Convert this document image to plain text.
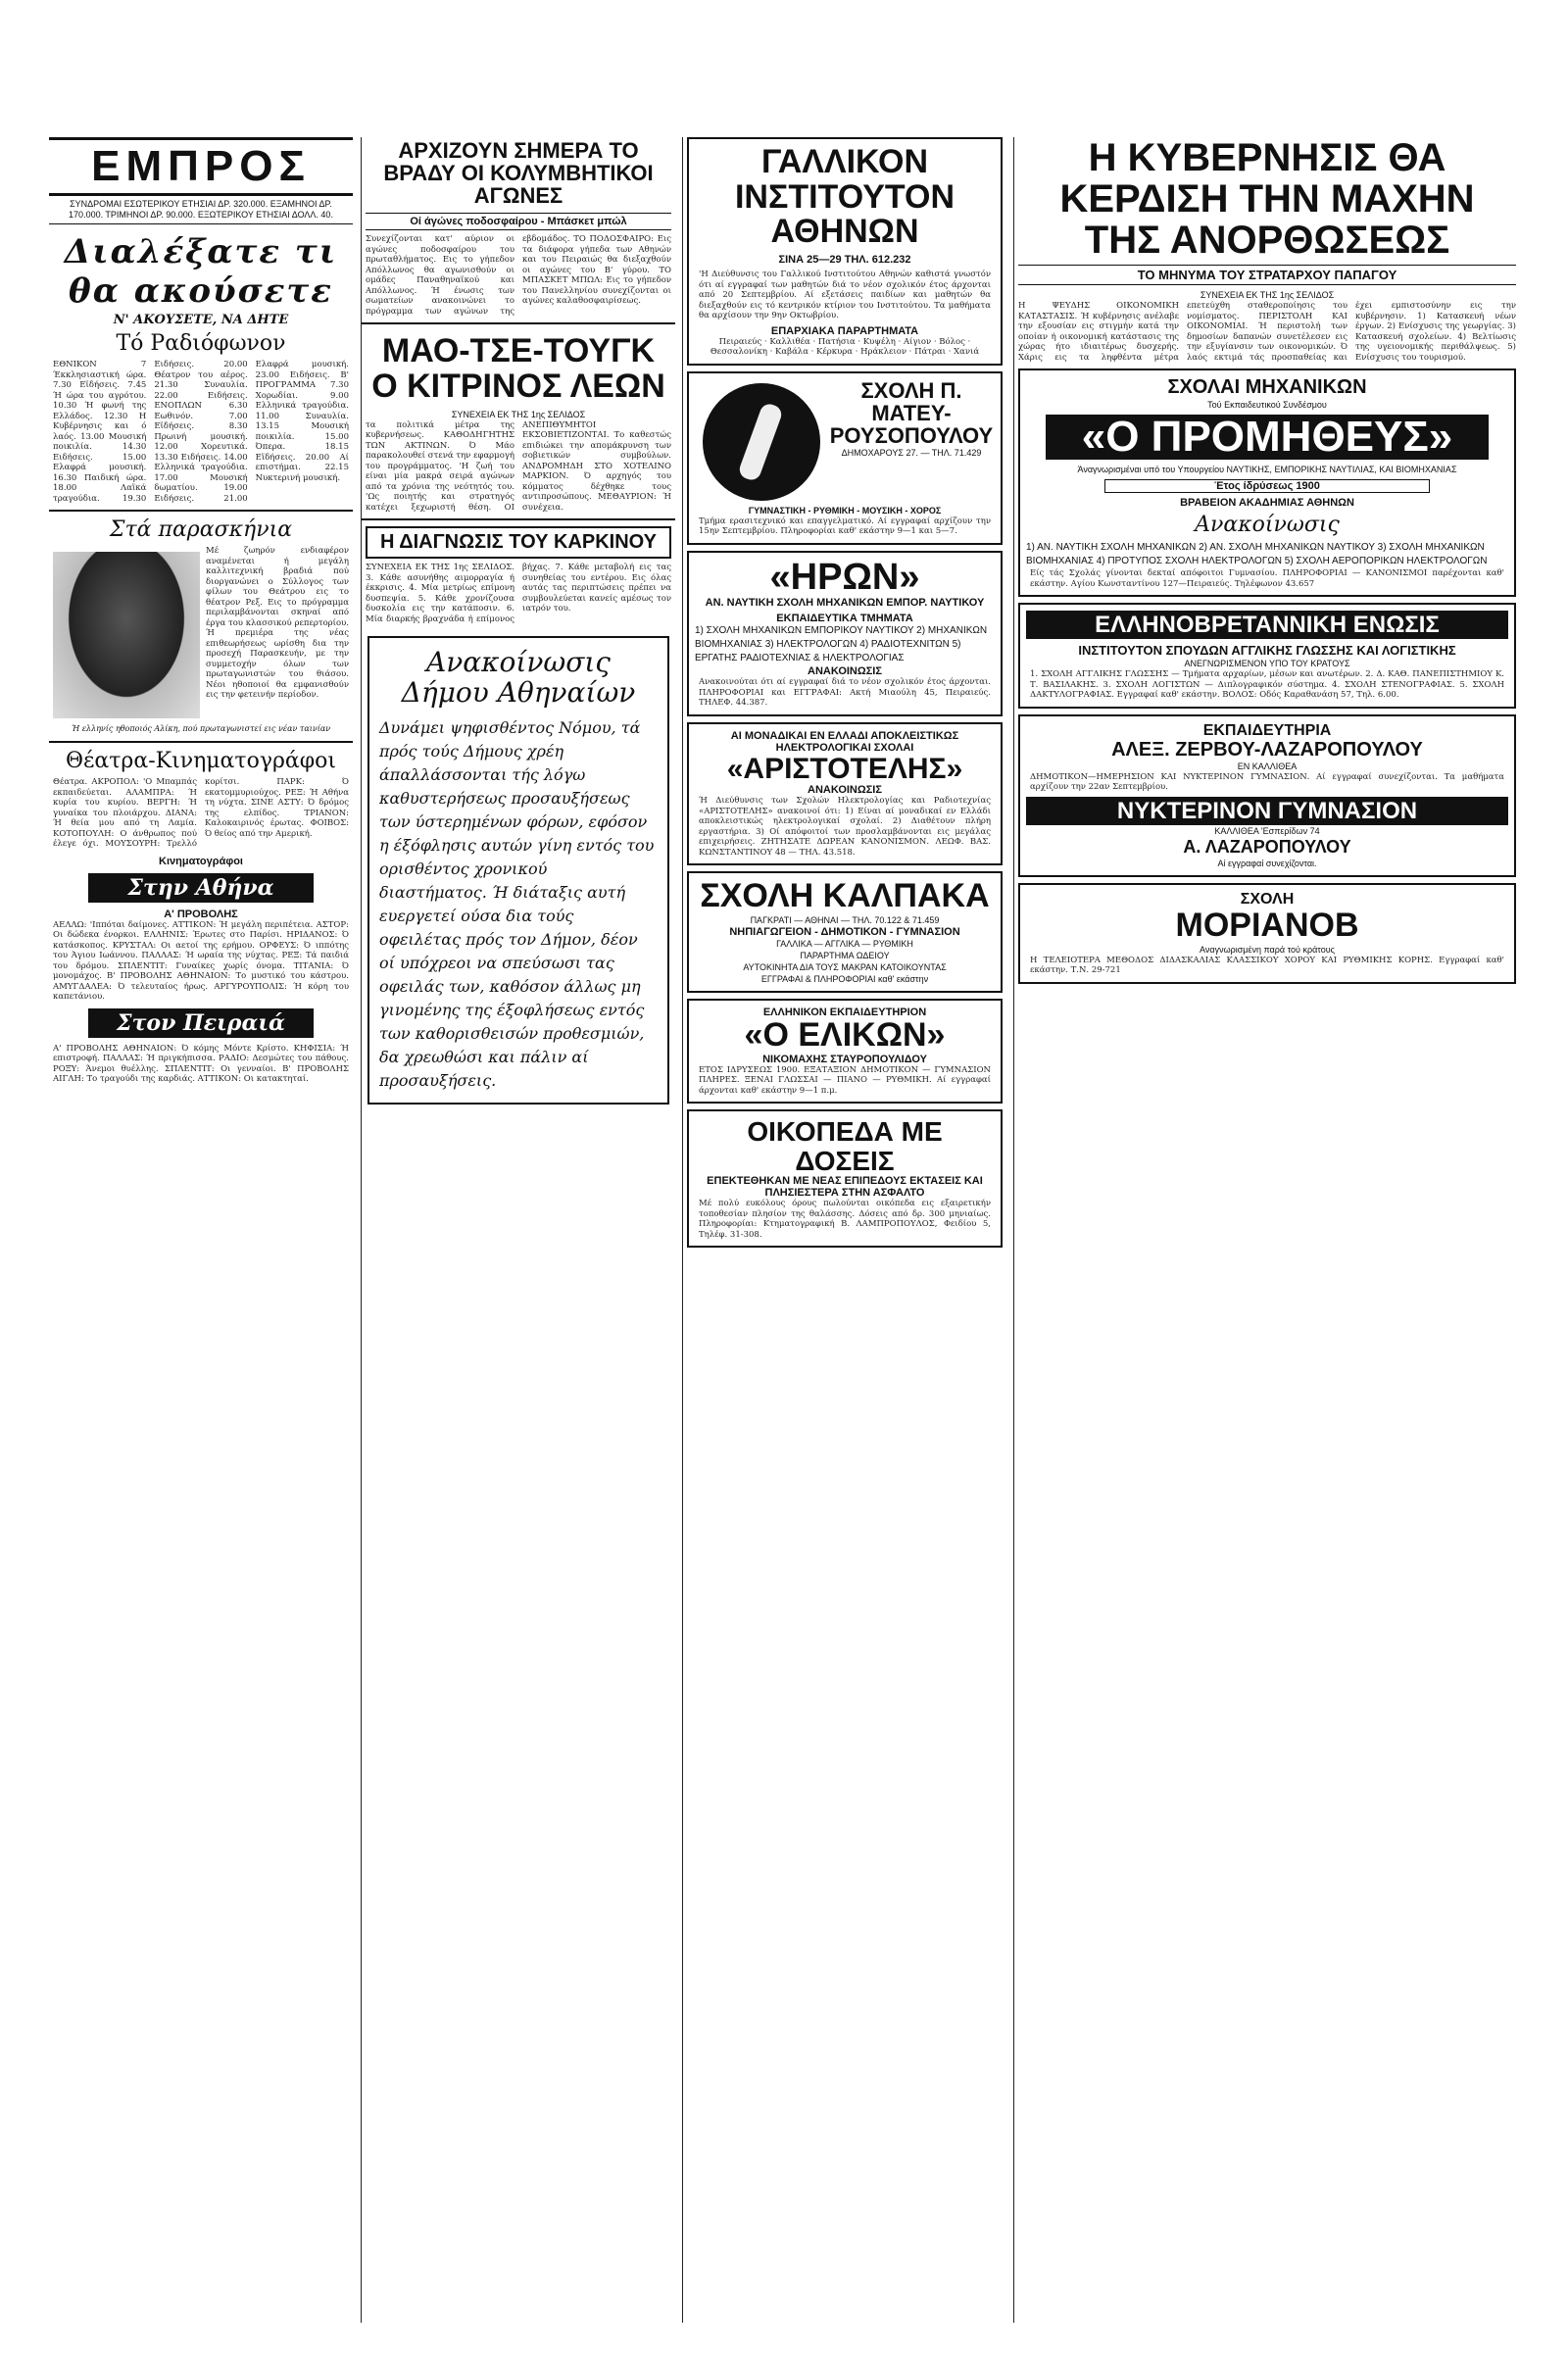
ΕΜΠΡΟΣ
ΣΥΝΔΡΟΜΑΙ ΕΣΩΤΕΡΙΚΟΥ ΕΤΗΣΙΑΙ ΔΡ. 320.000. ΕΞΑΜΗΝΟΙ ΔΡ. 170.000. ΤΡΙΜΗΝΟΙ ΔΡ. 90.000. ΕΞΩΤΕΡΙΚΟΥ ΕΤΗΣΙΑΙ ΔΟΛΛ. 40.
Διαλέξατε τι θα ακούσετε
Ν' ΑΚΟΥΣΕΤΕ, ΝΑ ΔΗΤΕ
Τό Ραδιόφωνον
ΕΘΝΙΚΟΝ 7 Έκκλησιαστική ώρα. 7.30 Εϊδήσεις. 7.45 Ή ώρα του αγρότου. 10.30 Ή φωνή της Ελλάδος. 12.30 Η Κυβέρνησις και ό λαός. 13.00 Μουσική ποικιλία. 14.30 Ειδήσεις. 15.00 Ελαφρά μουσική. 16.30 Παιδική ώρα. 18.00 Λαϊκά τραγούδια. 19.30 Ειδήσεις. 20.00 Θέατρον του αέρος. 21.30 Συναυλία. 22.00 Ειδήσεις. ΕΝΟΠΛΩΝ 6.30 Εωθινόν. 7.00 Εϊδήσεις. 8.30 Πρωινή μουσική. 12.00 Χορευτικά. 13.30 Ειδήσεις. 14.00 Ελληνικά τραγούδια. 17.00 Μουσική δωματίου. 19.00 Ειδήσεις. 21.00 Ελαφρά μουσική. 23.00 Ειδήσεις. Β' ΠΡΟΓΡΑΜΜΑ 7.30 Χορωδίαι. 9.00 Ελληνικά τραγούδια. 11.00 Συναυλία. 13.15 Μουσική ποικιλία. 15.00 Όπερα. 18.15 Εϊδήσεις. 20.00 Αί επιστήμαι. 22.15 Νυκτερινή μουσική.
Στά παρασκήνια
Μέ ζωηρόν ενδιαφέρον αναμένεται ή μεγάλη καλλιτεχνική βραδιά πού διοργανώνει ο Σύλλογος των φίλων του Θεάτρου εις το θέατρον Ρεξ. Εις το πρόγραμμα περιλαμβάνονται σκηναί από έργα του κλασσικού ρεπερτορίου. Ή πρεμιέρα της νέας επιθεωρήσεως ωρίσθη δια την προσεχή Παρασκευήν, με την συμμετοχήν όλων των πρωταγωνιστών του θιάσου. Νέοι ηθοποιοί θα εμφανισθούν εις την φετεινήν περίοδον.
Ή ελληνίς ηθοποιός Αλίκη, πού πρωταγωνιστεί εις νέαν ταινίαν
Θέατρα-Κινηματογράφοι
Θέατρα. ΑΚΡΟΠΟΛ: 'Ο Μπαμπάς εκπαιδεύεται. ΑΛΑΜΠΡΑ: Ή κυρία του κυρίου. ΒΕΡΓΗ: Ή γυναίκα του πλοιάρχου. ΔΙΑΝΑ: Ή θεία μου από τη Λαμία. ΚΟΤΟΠΟΥΛΗ: Ο άνθρωπος πού έλεγε όχι. ΜΟΥΣΟΥΡΗ: Τρελλό κορίτσι. ΠΑΡΚ: Ό εκατομμυριούχος. ΡΕΞ: Ή Αθήνα τη νύχτα. ΣΙΝΕ ΑΣΤΥ: Ό δρόμος της ελπίδος. ΤΡΙΑΝΟΝ: Καλοκαιρινός έρωτας. ΦΟΙΒΟΣ: Ό θείος από την Αμερική.
Κινηματογράφοι
Στην Αθήνα
Α' ΠΡΟΒΟΛΗΣ
ΑΕΛΛΩ: 'Ιππόται δαίμονες. ΑΤΤΙΚΟΝ: Ή μεγάλη περιπέτεια. ΑΣΤΟΡ: Οι δώδεκα ένορκοι. ΕΛΛΗΝΙΣ: Έρωτες στο Παρίσι. ΗΡΙΔΑΝΟΣ: Ό κατάσκοπος. ΚΡΥΣΤΑΛ: Οι αετοί της ερήμου. ΟΡΦΕΥΣ: Ό ιππότης του Άγιου Ιωάννου. ΠΑΛΛΑΣ: Ή ωραία της νύχτας. ΡΕΞ: Τά παιδιά του δρόμου. ΣΠΛΕΝΤΙΤ: Γυναίκες χωρίς όνομα. ΤΙΤΑΝΙΑ: Ό μονομάχος. Β' ΠΡΟΒΟΛΗΣ ΑΘΗΝΑΙΟΝ: Το μυστικό του κάστρου. ΑΜΥΓΔΑΛΕΑ: Ό τελευταίος ήρως. ΑΡΓΥΡΟΥΠΟΛΙΣ: Ή κόρη του καπετάνιου.
Στον Πειραιά
Α' ΠΡΟΒΟΛΗΣ ΑΘΗΝΑΙΟΝ: Ό κόμης Μόντε Κρίστο. ΚΗΦΙΣΙΑ: Ή επιστροφή. ΠΑΛΛΑΣ: Ή πριγκήπισσα. ΡΑΔΙΟ: Δεσμώτες του πάθους. ΡΟΞΥ: Άνεμοι θυέλλης. ΣΠΛΕΝΤΙΤ: Οι γενναίοι. Β' ΠΡΟΒΟΛΗΣ ΑΙΓΛΗ: Το τραγούδι της καρδιάς. ΑΤΤΙΚΟΝ: Οι κατακτηταί.
ΑΡΧΙΖΟΥΝ ΣΗΜΕΡΑ ΤΟ ΒΡΑΔΥ ΟΙ ΚΟΛΥΜΒΗΤΙΚΟΙ ΑΓΩΝΕΣ
Οί άγώνες ποδοσφαίρου - Μπάσκετ μπώλ
Συνεχίζονται κατ' αύριον οι αγώνες ποδοσφαίρου του πρωταθλήματος. Εις το γήπεδον Απόλλωνος θα αγωνισθούν οι ομάδες Παναθηναϊκού και Απόλλωνος. Ή ένωσις των σωματείων ανακοινώνει το πρόγραμμα των αγώνων της εβδομάδος. ΤΟ ΠΟΔΟΣΦΑΙΡΟ: Εις τα διάφορα γήπεδα των Αθηνών και του Πειραιώς θα διεξαχθούν οι αγώνες του Β' γύρου. ΤΟ ΜΠΑΣΚΕΤ ΜΠΩΛ: Εις το γήπεδον του Πανελληνίου συνεχίζονται οι αγώνες καλαθοσφαιρίσεως.
ΜΑΟ-ΤΣΕ-ΤΟΥΓΚ Ο ΚΙΤΡΙΝΟΣ ΛΕΩΝ
ΣΥΝΕΧΕΙΑ ΕΚ ΤΗΣ 1ης ΣΕΛΙΔΟΣ
τα πολιτικά μέτρα της κυβερνήσεως. ΚΑΘΟΔΗΓΗΤΗΣ ΤΩΝ ΑΚΤΙΝΩΝ. Ό Μάο παρακολουθεί στενά την εφαρμογή του προγράμματος. 'Η ζωή του είναι μία μακρά σειρά αγώνων από τα χρόνια της νεότητός του. 'Ως ποιητής και στρατηγός κατέχει ξεχωριστή θέση. ΟΙ ΑΝΕΠΙΘΥΜΗΤΟΙ ΕΚΣΟΒΙΕΤΙΖΟΝΤΑΙ. Το καθεστώς επιδιώκει την απομάκρυνση των σοβιετικών συμβούλων. ΑΝΔΡΟΜΗΔΗ ΣΤΟ ΧΟΤΕΛΙΝΟ ΜΑΡΚΙΟΝ. Ό αρχηγός του κόμματος δέχθηκε τους αντιπροσώπους. ΜΕΘΑΥΡΙΟΝ: Ή συνέχεια.
Η ΔΙΑΓΝΩΣΙΣ ΤΟΥ ΚΑΡΚΙΝΟΥ
ΣΥΝΕΧΕΙΑ ΕΚ ΤΗΣ 1ης ΣΕΛΙΔΟΣ. 3. Κάθε ασυνήθης αιμορραγία ή έκκρισις. 4. Μία μετρίως επίμονη δυσπεψία. 5. Κάθε χρονίζουσα δυσκολία εις την κατάποσιν. 6. Μία διαρκής βραχνάδα ή επίμονος βήχας. 7. Κάθε μεταβολή εις τας συνηθείας του εντέρου. Εις όλας αυτάς τας περιπτώσεις πρέπει να συμβουλεύεται κανείς αμέσως τον ιατρόν του.
Ανακοίνωσις Δήμου Αθηναίων
Δυνάμει ψηφισθέντος Νόμου, τά πρός τούς Δήμους χρέη άπαλλάσσονται τής λόγω καθυστερήσεως προσαυξήσεως των ύστερημένων φόρων, εφόσον η έξόφλησις αυτών γίνη εντός του ορισθέντος χρονικού διαστήματος. Ή διάταξις αυτή ευεργετεί ούσα δια τούς οφειλέτας πρός τον Δήμον, δέον οί υπόχρεοι να σπεύσωσι τας οφειλάς των, καθόσον άλλως μη γινομένης της έξοφλήσεως εντός των καθορισθεισών προθεσμιών, δα χρεωθώσι και πάλιν αί προσαυξήσεις.
ΓΑΛΛΙΚΟΝ ΙΝΣΤΙΤΟΥΤΟΝ ΑΘΗΝΩΝ
ΣΙΝΑ 25—29 ΤΗΛ. 612.232
'Η Διεύθυνσις του Γαλλικού Ινστιτούτου Αθηνών καθιστά γνωστόν ότι αί εγγραφαί των μαθητών διά το νέον σχολικόν έτος άρχονται από 20 Σεπτεμβρίου. Αί εξετάσεις παιδίων και μαθητών θα διεξαχθούν εις τό κεντρικόν κτίριον του Ινστιτούτου. Τα μαθήματα θα αρχίσουν την 9ην Οκτωβρίου.
ΕΠΑΡΧΙΑΚΑ ΠΑΡΑΡΤΗΜΑΤΑ
Πειραιεύς · Καλλιθέα · Πατήσια · Κυψέλη · Αίγιον · Βόλος · Θεσσαλονίκη · Καβάλα · Κέρκυρα · Ηράκλειον · Πάτραι · Χανιά
ΣΧΟΛΗ Π. ΜΑΤΕΥ-ΡΟΥΣΟΠΟΥΛΟΥ
ΔΗΜΟΧΑΡΟΥΣ 27. — ΤΗΛ. 71.429
ΓΥΜΝΑΣΤΙΚΗ - ΡΥΘΜΙΚΗ - ΜΟΥΣΙΚΗ - ΧΟΡΟΣ
Τμήμα ερασιτεχνικό και επαγγελματικό. Αί εγγραφαί αρχίζουν την 15ην Σεπτεμβρίου. Πληροφορίαι καθ' εκάστην 9—1 και 5—7.
«ΗΡΩΝ»
ΑΝ. ΝΑΥΤΙΚΗ ΣΧΟΛΗ ΜΗΧΑΝΙΚΩΝ ΕΜΠΟΡ. ΝΑΥΤΙΚΟΥ
ΕΚΠΑΙΔΕΥΤΙΚΑ ΤΜΗΜΑΤΑ
1) ΣΧΟΛΗ ΜΗΧΑΝΙΚΩΝ ΕΜΠΟΡΙΚΟΥ ΝΑΥΤΙΚΟΥ 2) ΜΗΧΑΝΙΚΩΝ ΒΙΟΜΗΧΑΝΙΑΣ 3) ΗΛΕΚΤΡΟΛΟΓΩΝ 4) ΡΑΔΙΟΤΕΧΝΙΤΩΝ 5) ΕΡΓΑΤΗΣ ΡΑΔΙΟΤΕΧΝΙΑΣ & ΗΛΕΚΤΡΟΛΟΓΙΑΣ
ΑΝΑΚΟΙΝΩΣΙΣ
Ανακοινούται ότι αί εγγραφαί διά το νέον σχολικόν έτος άρχονται. ΠΛΗΡΟΦΟΡΙΑΙ και ΕΓΓΡΑΦΑΙ: Ακτή Μιαούλη 45, Πειραιεύς. ΤΗΛΕΦ. 44.387.
ΑΙ ΜΟΝΑΔΙΚΑΙ ΕΝ ΕΛΛΑΔΙ ΑΠΟΚΛΕΙΣΤΙΚΩΣ ΗΛΕΚΤΡΟΛΟΓΙΚΑΙ ΣΧΟΛΑΙ
«ΑΡΙΣΤΟΤΕΛΗΣ»
ΑΝΑΚΟΙΝΩΣΙΣ
Ή Διεύθυνσις των Σχολών Ηλεκτρολογίας και Ραδιοτεχνίας «ΑΡΙΣΤΟΤΕΛΗΣ» ανακοινοί ότι: 1) Είναι αί μοναδικαί εν Ελλάδι αποκλειστικώς ηλεκτρολογικαί σχολαί. 2) Διαθέτουν πλήρη εργαστήρια. 3) Οί απόφοιτοί των προσλαμβάνονται εις μεγάλας επιχειρήσεις. ΖΗΤΗΣΑΤΕ ΔΩΡΕΑΝ ΚΑΝΟΝΙΣΜΟΝ. ΛΕΩΦ. ΒΑΣ. ΚΩΝΣΤΑΝΤΙΝΟΥ 48 — ΤΗΛ. 43.518.
ΣΧΟΛΗ ΚΑΛΠΑΚΑ
ΠΑΓΚΡΑΤΙ — ΑΘΗΝΑΙ — ΤΗΛ. 70.122 & 71.459
ΝΗΠΙΑΓΩΓΕΙΟΝ - ΔΗΜΟΤΙΚΟΝ - ΓΥΜΝΑΣΙΟΝ
ΓΑΛΛΙΚΑ — ΑΓΓΛΙΚΑ — ΡΥΘΜΙΚΗ
ΠΑΡΑΡΤΗΜΑ ΩΔΕΙΟΥ
ΑΥΤΟΚΙΝΗΤΑ ΔΙΑ ΤΟΥΣ ΜΑΚΡΑΝ ΚΑΤΟΙΚΟΥΝΤΑΣ
ΕΓΓΡΑΦΑΙ & ΠΛΗΡΟΦΟΡΙΑΙ καθ' εκάστην
ΕΛΛΗΝΙΚΟΝ ΕΚΠΑΙΔΕΥΤΗΡΙΟΝ
«Ο ΕΛΙΚΩΝ»
ΝΙΚΟΜΑΧΗΣ ΣΤΑΥΡΟΠΟΥΛΙΔΟΥ
ΕΤΟΣ ΙΔΡΥΣΕΩΣ 1900. ΕΞΑΤΑΞΙΟΝ ΔΗΜΟΤΙΚΟΝ — ΓΥΜΝΑΣΙΟΝ ΠΛΗΡΕΣ. ΞΕΝΑΙ ΓΛΩΣΣΑΙ — ΠΙΑΝΟ — ΡΥΘΜΙΚΗ. Αί εγγραφαί άρχονται καθ' εκάστην 9—1 π.μ.
ΟΙΚΟΠΕΔΑ ΜΕ ΔΟΣΕΙΣ
ΕΠΕΚΤΕΘΗΚΑΝ ΜΕ ΝΕΑΣ ΕΠΙΠΕΔΟΥΣ ΕΚΤΑΣΕΙΣ ΚΑΙ ΠΛΗΣΙΕΣΤΕΡΑ ΣΤΗΝ ΑΣΦΑΛΤΟ
Μέ πολύ ευκόλους όρους πωλούνται οικόπεδα εις εξαιρετικήν τοποθεσίαν πλησίον της θαλάσσης. Δόσεις από δρ. 300 μηνιαίως. Πληροφορίαι: Κτηματογραφική Β. ΛΑΜΠΡΟΠΟΥΛΟΣ, Φειδίου 5, Τηλέφ. 31-308.
Η ΚΥΒΕΡΝΗΣΙΣ ΘΑ ΚΕΡΔΙΣΗ ΤΗΝ ΜΑΧΗΝ ΤΗΣ ΑΝΟΡΘΩΣΕΩΣ
ΤΟ ΜΗΝΥΜΑ ΤΟΥ ΣΤΡΑΤΑΡΧΟΥ ΠΑΠΑΓΟΥ
ΣΥΝΕΧΕΙΑ ΕΚ ΤΗΣ 1ης ΣΕΛΙΔΟΣ
Η ΨΕΥΔΗΣ ΟΙΚΟΝΟΜΙΚΗ ΚΑΤΑΣΤΑΣΙΣ. Ή κυβέρνησις ανέλαβε την εξουσίαν εις στιγμήν κατά την οποίαν ή οικονομική κατάστασις της χώρας ήτο ιδιαιτέρως δυσχερής. Χάρις εις τα ληφθέντα μέτρα επετεύχθη σταθεροποίησις του νομίσματος. ΠΕΡΙΣΤΟΛΗ ΚΑΙ ΟΙΚΟΝΟΜΙΑΙ. Ή περιστολή των δημοσίων δαπανών συνετέλεσεν εις την εξυγίανσιν των οικονομικών. Ό λαός εκτιμά τάς προσπαθείας και έχει εμπιστοσύνην εις την κυβέρνησιν. 1) Κατασκευή νέων έργων. 2) Ενίσχυσις της γεωργίας. 3) Κατασκευή σχολείων. 4) Βελτίωσις της υγειονομικής περιθάλψεως. 5) Ενίσχυσις του τουρισμού.
ΣΧΟΛΑΙ ΜΗΧΑΝΙΚΩΝ
Τού Εκπαιδευτικού Συνδέσμου
«Ο ΠΡΟΜΗΘΕΥΣ»
Άναγνωρισμέναι υπό του Υπουργείου ΝΑΥΤΙΚΗΣ, ΕΜΠΟΡΙΚΗΣ ΝΑΥΤΙΛΙΑΣ, ΚΑΙ ΒΙΟΜΗΧΑΝΙΑΣ
Έτος ίδρύσεως 1900
ΒΡΑΒΕΙΟΝ ΑΚΑΔΗΜΙΑΣ ΑΘΗΝΩΝ
Ανακοίνωσις
1) ΑΝ. ΝΑΥΤΙΚΗ ΣΧΟΛΗ ΜΗΧΑΝΙΚΩΝ 2) ΑΝ. ΣΧΟΛΗ ΜΗΧΑΝΙΚΩΝ ΝΑΥΤΙΚΟΥ 3) ΣΧΟΛΗ ΜΗΧΑΝΙΚΩΝ ΒΙΟΜΗΧΑΝΙΑΣ 4) ΠΡΟΤΥΠΟΣ ΣΧΟΛΗ ΗΛΕΚΤΡΟΛΟΓΩΝ 5) ΣΧΟΛΗ ΑΕΡΟΠΟΡΙΚΩΝ ΗΛΕΚΤΡΟΛΟΓΩΝ
Είς τάς Σχολάς γίνονται δεκταί απόφοιτοι Γυμνασίου. ΠΛΗΡΟΦΟΡΙΑΙ — ΚΑΝΟΝΙΣΜΟΙ παρέχονται καθ' εκάστην. Αγίου Κωνσταντίνου 127—Πειραιεύς. Τηλέφωνον 43.657
ΕΛΛΗΝΟΒΡΕΤΑΝΝΙΚΗ ΕΝΩΣΙΣ
ΙΝΣΤΙΤΟΥΤΟΝ ΣΠΟΥΔΩΝ ΑΓΓΛΙΚΗΣ ΓΛΩΣΣΗΣ ΚΑΙ ΛΟΓΙΣΤΙΚΗΣ
ΑΝΕΓΝΩΡΙΣΜΕΝΟΝ ΥΠΟ ΤΟΥ ΚΡΑΤΟΥΣ
1. ΣΧΟΛΗ ΑΓΓΛΙΚΗΣ ΓΛΩΣΣΗΣ — Τμήματα αρχαρίων, μέσων και ανωτέρων. 2. Δ. ΚΑΘ. ΠΑΝΕΠΙΣΤΗΜΙΟΥ Κ. Τ. ΒΑΣΙΛΑΚΗΣ. 3. ΣΧΟΛΗ ΛΟΓΙΣΤΩΝ — Διπλογραφικόν σύστημα. 4. ΣΧΟΛΗ ΣΤΕΝΟΓΡΑΦΙΑΣ. 5. ΣΧΟΛΗ ΔΑΚΤΥΛΟΓΡΑΦΙΑΣ. Εγγραφαί καθ' εκάστην. ΒΟΛΟΣ: Οδός Καραθανάση 57, Τηλ. 6.00.
ΕΚΠΑΙΔΕΥΤΗΡΙΑ
ΑΛΕΞ. ΖΕΡΒΟΥ-ΛΑΖΑΡΟΠΟΥΛΟΥ
ΕΝ ΚΑΛΛΙΘΕΑ
ΔΗΜΟΤΙΚΟΝ—ΗΜΕΡΗΣΙΟΝ ΚΑΙ ΝΥΚΤΕΡΙΝΟΝ ΓΥΜΝΑΣΙΟΝ. Αί εγγραφαί συνεχίζονται. Τα μαθήματα αρχίζουν την 22αν Σεπτεμβρίου.
ΝΥΚΤΕΡΙΝΟΝ ΓΥΜΝΑΣΙΟΝ
ΚΑΛΛΙΘΕΑ 'Εσπερίδων 74
Α. ΛΑΖΑΡΟΠΟΥΛΟΥ
Αί εγγραφαί συνεχίζονται.
ΣΧΟΛΗ
ΜΟΡΙΑΝΟΒ
Αναγνωρισμένη παρά τού κράτους
Η ΤΕΛΕΙΟΤΕΡΑ ΜΕΘΟΔΟΣ ΔΙΔΑΣΚΑΛΙΑΣ ΚΛΑΣΣΙΚΟΥ ΧΟΡΟΥ ΚΑΙ ΡΥΘΜΙΚΗΣ ΚΟΡΗΣ. Εγγραφαί καθ' εκάστην. Τ.Ν. 29-721
